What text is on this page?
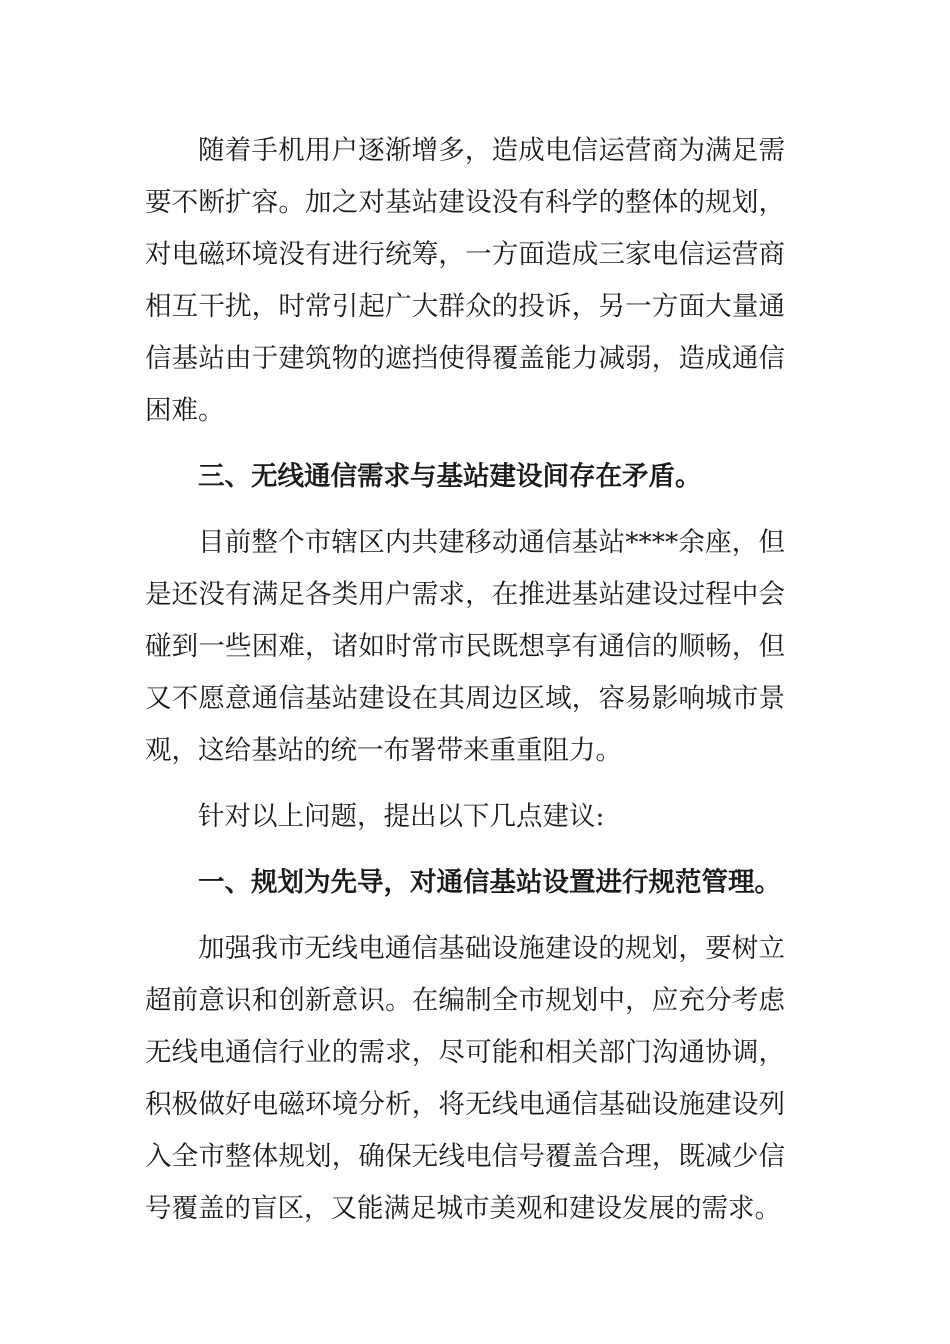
随着手机用户逐渐增多，造成电信运营商为满足需要不断扩容。加之对基站建设没有科学的整体的规划，对电磁环境没有进行统筹，一方面造成三家电信运营商相互干扰，时常引起广大群众的投诉，另一方面大量通信基站由于建筑物的遮挡使得覆盖能力减弱，造成通信困难。

三、无线通信需求与基站建设间存在矛盾。

目前整个市辖区内共建移动通信基站****余座，但是还没有满足各类用户需求，在推进基站建设过程中会碰到一些困难，诸如时常市民既想享有通信的顺畅，但又不愿意通信基站建设在其周边区域，容易影响城市景观，这给基站的统一布署带来重重阻力。

针对以上问题，提出以下几点建议:

一、规划为先导，对通信基站设置进行规范管理。

加强我市无线电通信基础设施建设的规划，要树立超前意识和创新意识。在编制全市规划中，应充分考虑无线电通信行业的需求，尽可能和相关部门沟通协调，积极做好电磁环境分析，将无线电通信基础设施建设列入全市整体规划，确保无线电信号覆盖合理，既减少信号覆盖的盲区，又能满足城市美观和建设发展的需求。
